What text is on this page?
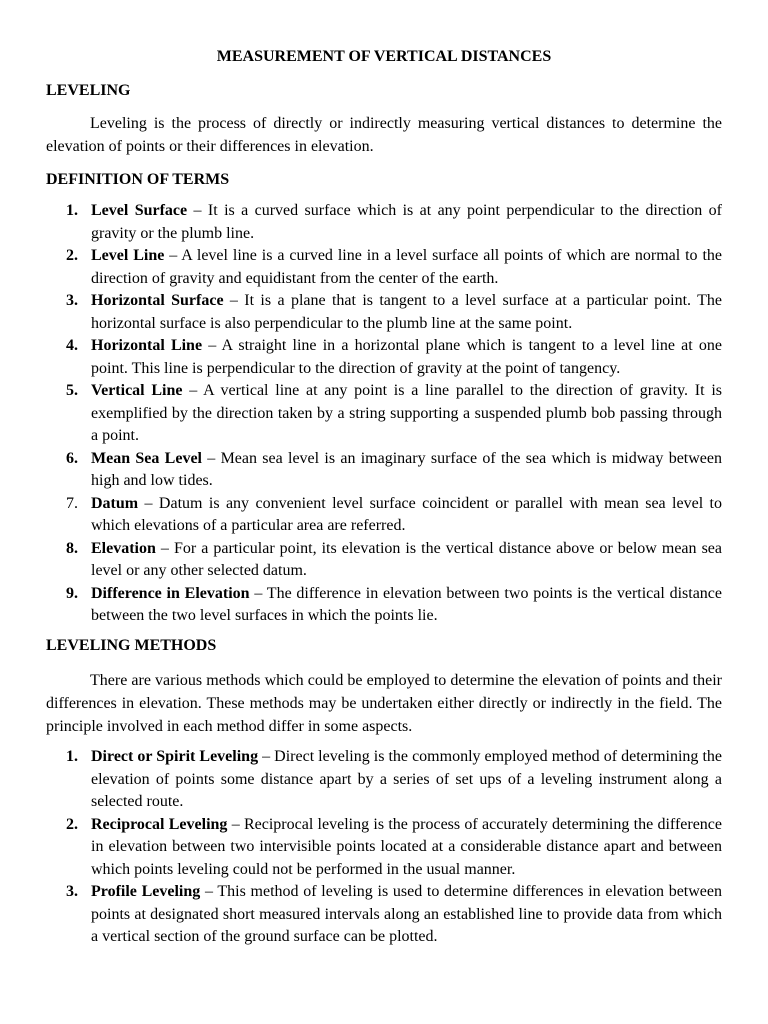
MEASUREMENT OF VERTICAL DISTANCES
LEVELING
Leveling is the process of directly or indirectly measuring vertical distances to determine the elevation of points or their differences in elevation.
DEFINITION OF TERMS
1. Level Surface – It is a curved surface which is at any point perpendicular to the direction of gravity or the plumb line.
2. Level Line – A level line is a curved line in a level surface all points of which are normal to the direction of gravity and equidistant from the center of the earth.
3. Horizontal Surface – It is a plane that is tangent to a level surface at a particular point. The horizontal surface is also perpendicular to the plumb line at the same point.
4. Horizontal Line – A straight line in a horizontal plane which is tangent to a level line at one point. This line is perpendicular to the direction of gravity at the point of tangency.
5. Vertical Line – A vertical line at any point is a line parallel to the direction of gravity. It is exemplified by the direction taken by a string supporting a suspended plumb bob passing through a point.
6. Mean Sea Level – Mean sea level is an imaginary surface of the sea which is midway between high and low tides.
7. Datum – Datum is any convenient level surface coincident or parallel with mean sea level to which elevations of a particular area are referred.
8. Elevation – For a particular point, its elevation is the vertical distance above or below mean sea level or any other selected datum.
9. Difference in Elevation – The difference in elevation between two points is the vertical distance between the two level surfaces in which the points lie.
LEVELING METHODS
There are various methods which could be employed to determine the elevation of points and their differences in elevation. These methods may be undertaken either directly or indirectly in the field. The principle involved in each method differ in some aspects.
1. Direct or Spirit Leveling – Direct leveling is the commonly employed method of determining the elevation of points some distance apart by a series of set ups of a leveling instrument along a selected route.
2. Reciprocal Leveling – Reciprocal leveling is the process of accurately determining the difference in elevation between two intervisible points located at a considerable distance apart and between which points leveling could not be performed in the usual manner.
3. Profile Leveling – This method of leveling is used to determine differences in elevation between points at designated short measured intervals along an established line to provide data from which a vertical section of the ground surface can be plotted.
